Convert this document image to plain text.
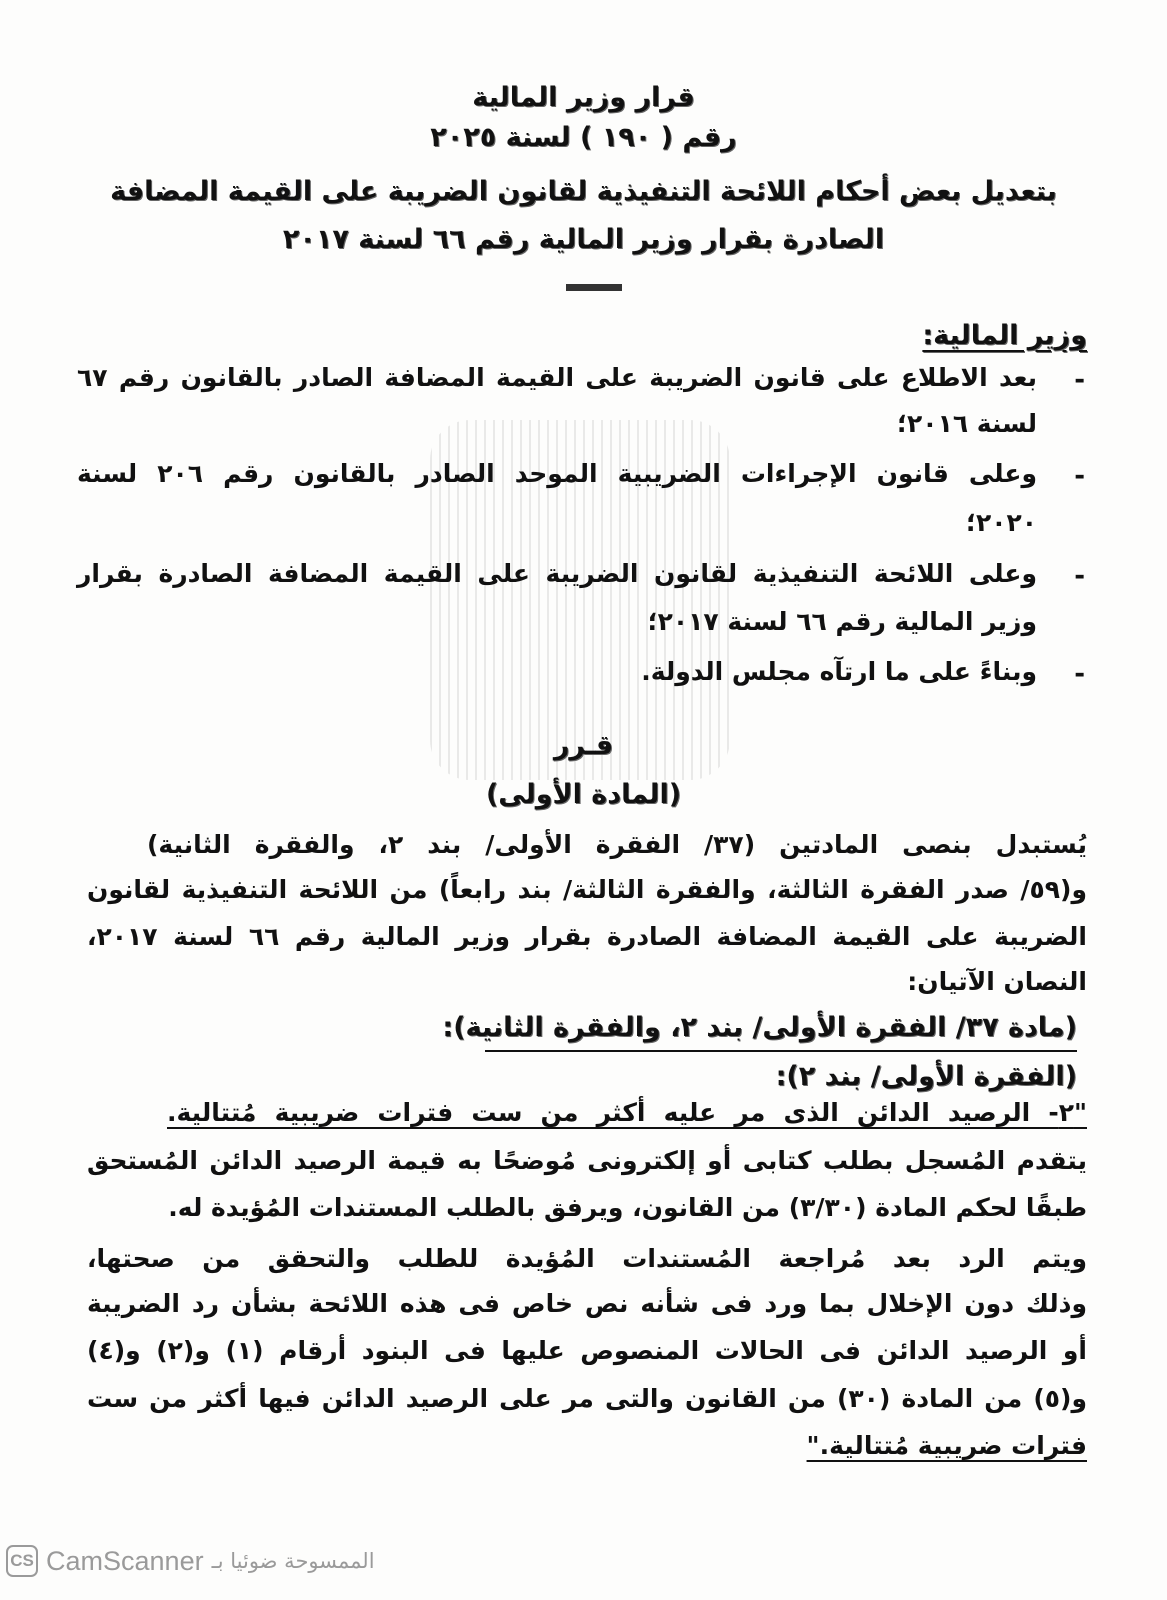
قرار وزير المالية
رقم ( ١٩٠ ) لسنة ٢٠٢٥
بتعديل بعض أحكام اللائحة التنفيذية لقانون الضريبة على القيمة المضافة
الصادرة بقرار وزير المالية رقم ٦٦ لسنة ٢٠١٧
وزير المالية:
-
بعد الاطلاع على قانون الضريبة على القيمة المضافة الصادر بالقانون رقم ٦٧
لسنة ٢٠١٦؛
-
وعلى قانون الإجراءات الضريبية الموحد الصادر بالقانون رقم ٢٠٦ لسنة
٢٠٢٠؛
-
وعلى اللائحة التنفيذية لقانون الضريبة على القيمة المضافة الصادرة بقرار
وزير المالية رقم ٦٦ لسنة ٢٠١٧؛
-
وبناءً على ما ارتآه مجلس الدولة.
قـرر
(المادة الأولى)
يُستبدل بنصى المادتين (٣٧/ الفقرة الأولى/ بند ٢، والفقرة الثانية)
و(٥٩/ صدر الفقرة الثالثة، والفقرة الثالثة/ بند رابعاً) من اللائحة التنفيذية لقانون
الضريبة على القيمة المضافة الصادرة بقرار وزير المالية رقم ٦٦ لسنة ٢٠١٧،
النصان الآتيان:
(مادة ٣٧/ الفقرة الأولى/ بند ٢، والفقرة الثانية):
(الفقرة الأولى/ بند ٢):
"٢- الرصيد الدائن الذى مر عليه أكثر من ست فترات ضريبية مُتتالية.
يتقدم المُسجل بطلب كتابى أو إلكترونى مُوضحًا به قيمة الرصيد الدائن المُستحق
طبقًا لحكم المادة (٣/٣٠) من القانون، ويرفق بالطلب المستندات المُؤيدة له.
ويتم الرد بعد مُراجعة المُستندات المُؤيدة للطلب والتحقق من صحتها،
وذلك دون الإخلال بما ورد فى شأنه نص خاص فى هذه اللائحة بشأن رد الضريبة
أو الرصيد الدائن فى الحالات المنصوص عليها فى البنود أرقام (١) و(٢) و(٤)
و(٥) من المادة (٣٠) من القانون والتى مر على الرصيد الدائن فيها أكثر من ست
فترات ضريبية مُتتالية."
CS CamScanner الممسوحة ضوئيا بـ
